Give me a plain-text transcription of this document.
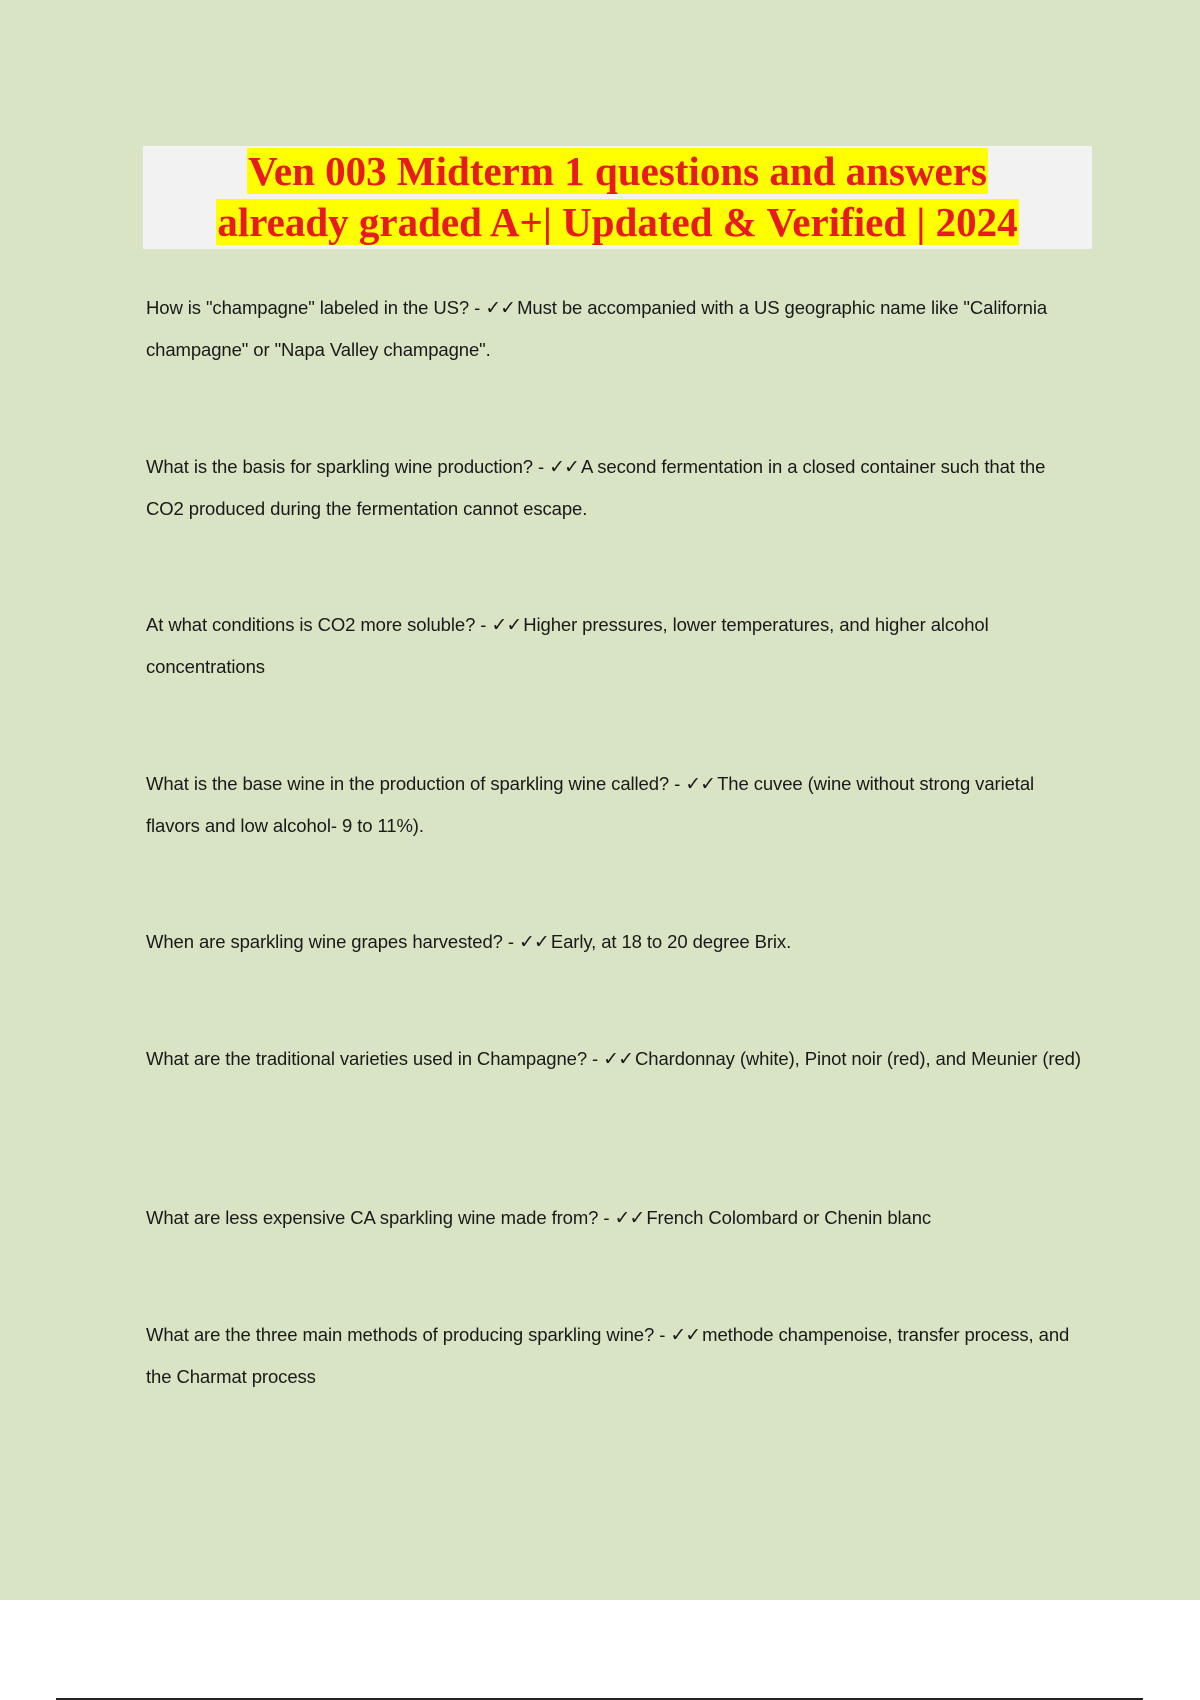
Ven 003 Midterm 1 questions and answers
already graded A+| Updated & Verified | 2024

How is "champagne" labeled in the US? - ✓✓ Must be accompanied with a US geographic name like "California champagne" or "Napa Valley champagne".

What is the basis for sparkling wine production? - ✓✓ A second fermentation in a closed container such that the CO2 produced during the fermentation cannot escape.

At what conditions is CO2 more soluble? - ✓✓ Higher pressures, lower temperatures, and higher alcohol concentrations

What is the base wine in the production of sparkling wine called? - ✓✓ The cuvee (wine without strong varietal flavors and low alcohol- 9 to 11%).

When are sparkling wine grapes harvested? - ✓✓ Early, at 18 to 20 degree Brix.

What are the traditional varieties used in Champagne? - ✓✓ Chardonnay (white), Pinot noir (red), and Meunier (red)

What are less expensive CA sparkling wine made from? - ✓✓ French Colombard or Chenin blanc

What are the three main methods of producing sparkling wine? - ✓✓ methode champenoise, transfer process, and the Charmat process
